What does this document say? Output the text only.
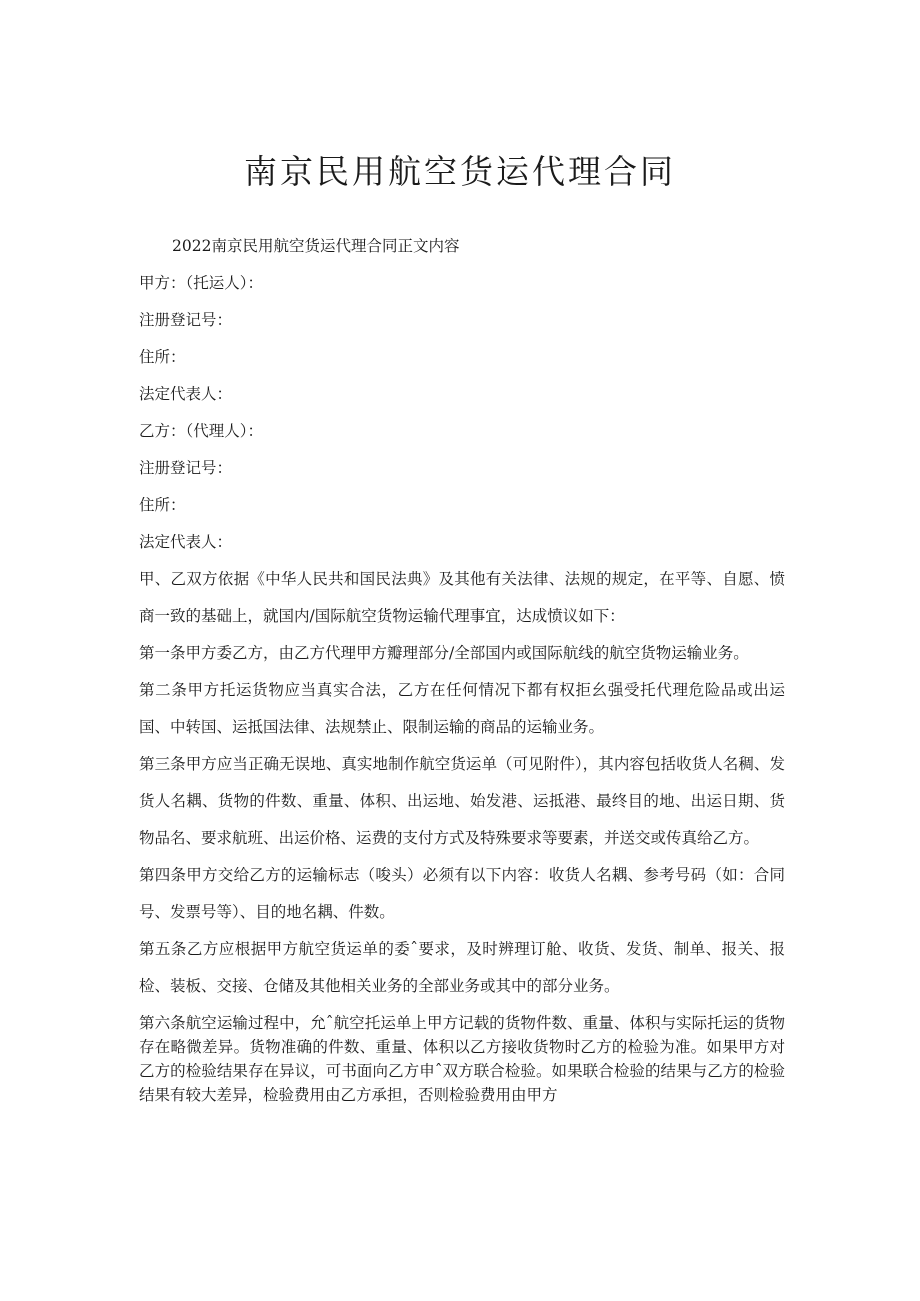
南京民用航空货运代理合同
2022南京民用航空货运代理合同正文内容
甲方：（托运人）：
注册登记号：
住所：
法定代表人：
乙方：（代理人）：
注册登记号：
住所：
法定代表人：
甲、乙双方依据《中华人民共和国民法典》及其他有关法律、法规的规定，在平等、自愿、愤商一致的基础上，就国内/国际航空货物运输代理事宜，达成愤议如下：
第一条甲方委乙方，由乙方代理甲方瓣理部分/全部国内或国际航线的航空货物运输业务。
第二条甲方托运货物应当真实合法，乙方在任何情况下都有权拒幺强受托代理危险品或出运国、中转国、运抵国法律、法规禁止、限制运输的商品的运输业务。
第三条甲方应当正确无误地、真实地制作航空货运单（可见附件），其内容包括收货人名稠、发货人名耦、货物的件数、重量、体积、出运地、始发港、运抵港、最终目的地、出运日期、货物品名、要求航班、出运价格、运费的支付方式及特殊要求等要素，并送交或传真给乙方。
第四条甲方交给乙方的运输标志（唆头）必须有以下内容：收货人名耦、参考号码（如：合同号、发票号等）、目的地名耦、件数。
第五条乙方应根据甲方航空货运单的委ˆ要求，及时辨理订舱、收货、发货、制单、报关、报检、装板、交接、仓储及其他相关业务的全部业务或其中的部分业务。
第六条航空运输过程中，允ˆ航空托运单上甲方记载的货物件数、重量、体积与实际托运的货物存在略微差异。货物准确的件数、重量、体积以乙方接收货物时乙方的检验为准。如果甲方对乙方的检验结果存在异议，可书面向乙方申ˆ双方联合检验。如果联合检验的结果与乙方的检验结果有较大差异，检验费用由乙方承担，否则检验费用由甲方
